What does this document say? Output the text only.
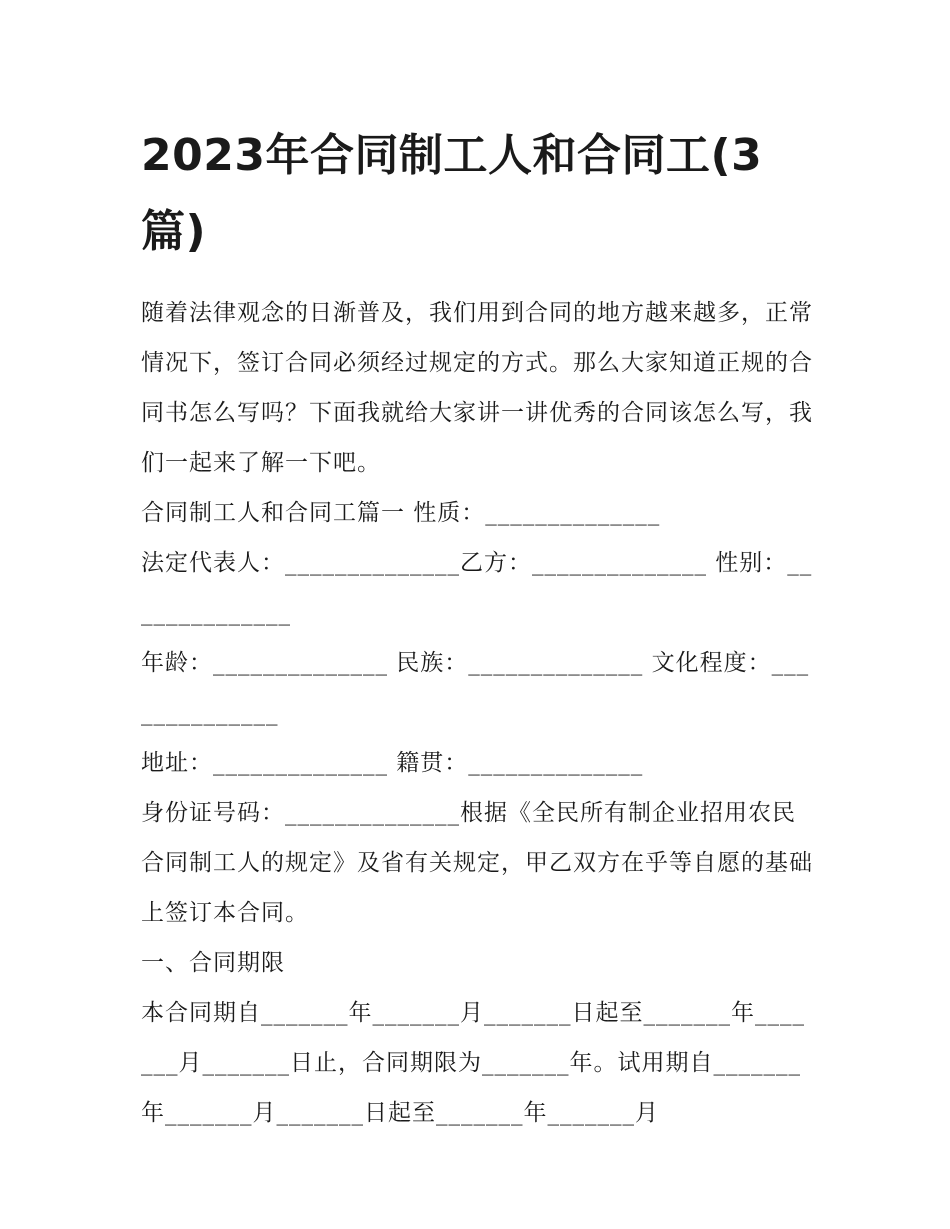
2023年合同制工人和合同工(3篇)

随着法律观念的日渐普及，我们用到合同的地方越来越多，正常情况下，签订合同必须经过规定的方式。那么大家知道正规的合同书怎么写吗？下面我就给大家讲一讲优秀的合同该怎么写，我们一起来了解一下吧。

合同制工人和合同工篇一 性质：______________

法定代表人：______________乙方：______________ 性别：______________

年龄：______________ 民族：______________ 文化程度：______________

地址：______________ 籍贯：______________

身份证号码：______________根据《全民所有制企业招用农民合同制工人的规定》及省有关规定，甲乙双方在乎等自愿的基础上签订本合同。

一、合同期限

本合同期自_______年_______月_______日起至_______年_______月_______日止，合同期限为_______年。试用期自_______年_______月_______日起至_______年_______月
